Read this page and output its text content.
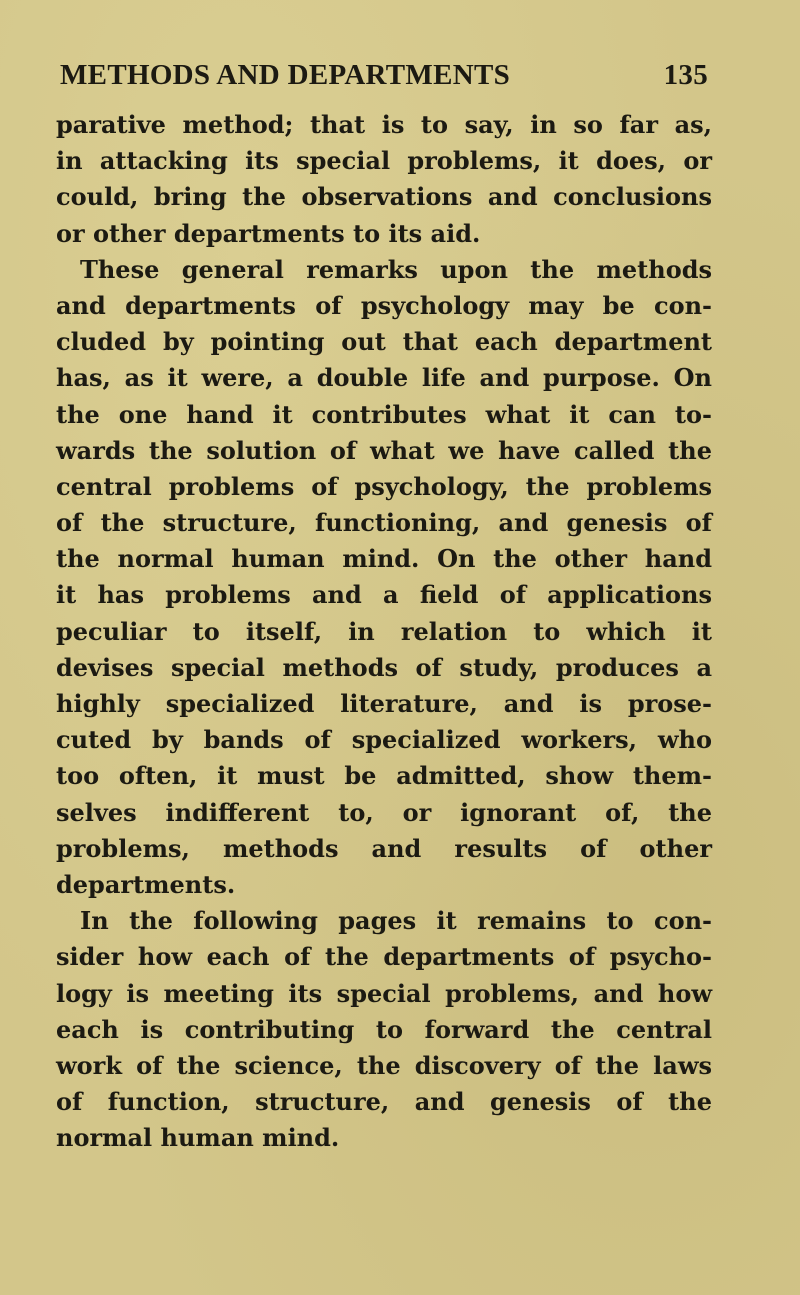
METHODS AND DEPARTMENTS	135
parative method; that is to say, in so far as,
in attacking its special problems, it does, or
could, bring the observations and conclusions
or other departments to its aid.
These general remarks upon the methods
and departments of psychology may be con-
cluded by pointing out that each department
has, as it were, a double life and purpose. On
the one hand it contributes what it can to-
wards the solution of what we have called the
central problems of psychology, the problems
of the structure, functioning, and genesis of
the normal human mind. On the other hand
it has problems and a field of applications
peculiar to itself, in relation to which it
devises special methods of study, produces a
highly specialized literature, and is prose-
cuted by bands of specialized workers, who
too often, it must be admitted, show them-
selves indifferent to, or ignorant of, the
problems, methods and results of other
departments.
In the following pages it remains to con-
sider how each of the departments of psycho-
logy is meeting its special problems, and how
each is contributing to forward the central
work of the science, the discovery of the laws
of function, structure, and genesis of the
normal human mind.
